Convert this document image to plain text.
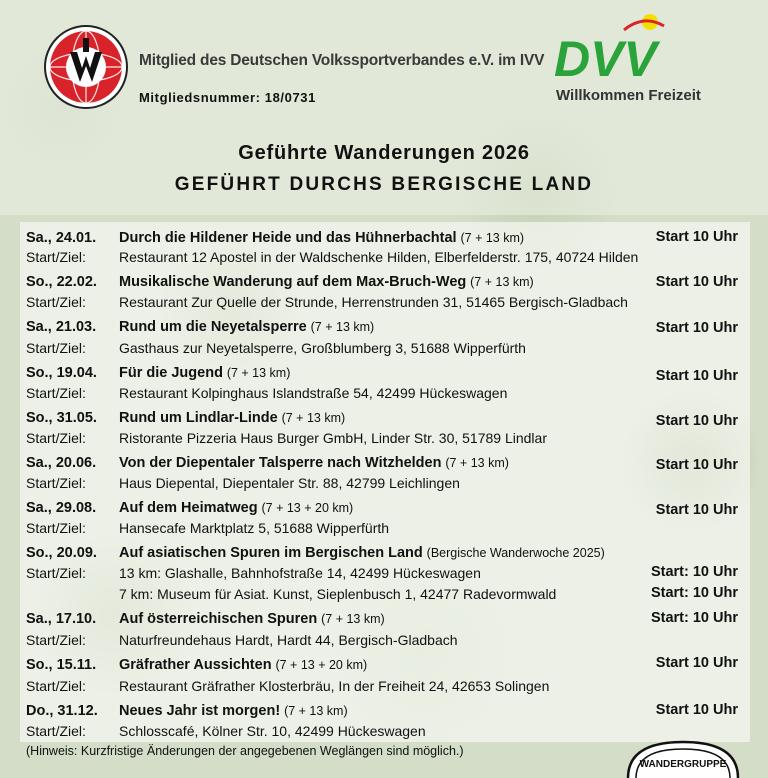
Mitglied des Deutschen Volkssportverbandes e.V. im IVV
Mitgliedsnummer: 18/0731
DVV
Willkommen Freizeit
Geführte Wanderungen 2026
GEFÜHRT DURCHS BERGISCHE LAND
Sa., 24.01. Durch die Hildener Heide und das Hühnerbachtal (7 + 13 km)	Start 10 Uhr
Start/Ziel: Restaurant 12 Apostel in der Waldschenke Hilden, Elberfelderstr. 175, 40724 Hilden
So., 22.02. Musikalische Wanderung auf dem Max-Bruch-Weg (7 + 13 km)	Start 10 Uhr
Start/Ziel: Restaurant Zur Quelle der Strunde, Herrenstrunden 31, 51465 Bergisch-Gladbach
Sa., 21.03. Rund um die Neyetalsperre (7 + 13 km)	Start 10 Uhr
Start/Ziel: Gasthaus zur Neyetalsperre, Großblumberg 3, 51688 Wipperfürth
So., 19.04. Für die Jugend (7 + 13 km)	Start 10 Uhr
Start/Ziel: Restaurant Kolpinghaus Islandstraße 54, 42499 Hückeswagen
So., 31.05. Rund um Lindlar-Linde (7 + 13 km)	Start 10 Uhr
Start/Ziel: Ristorante Pizzeria Haus Burger GmbH, Linder Str. 30, 51789 Lindlar
Sa., 20.06. Von der Diepentaler Talsperre nach Witzhelden (7 + 13 km)	Start 10 Uhr
Start/Ziel: Haus Diepental, Diepentaler Str. 88, 42799 Leichlingen
Sa., 29.08. Auf dem Heimatweg (7 + 13 + 20 km)	Start 10 Uhr
Start/Ziel: Hansecafe Marktplatz 5, 51688 Wipperfürth
So., 20.09. Auf asiatischen Spuren im Bergischen Land (Bergische Wanderwoche 2025)
Start/Ziel: 13 km: Glashalle, Bahnhofstraße 14, 42499 Hückeswagen	Start: 10 Uhr
7 km: Museum für Asiat. Kunst, Sieplenbusch 1, 42477 Radevormwald	Start: 10 Uhr
Sa., 17.10. Auf österreichischen Spuren (7 + 13 km)	Start: 10 Uhr
Start/Ziel: Naturfreundehaus Hardt, Hardt 44, Bergisch-Gladbach
So., 15.11. Gräfrather Aussichten (7 + 13 + 20 km)	Start 10 Uhr
Start/Ziel: Restaurant Gräfrather Klosterbräu, In der Freiheit 24, 42653 Solingen
Do., 31.12. Neues Jahr ist morgen! (7 + 13 km)	Start 10 Uhr
Start/Ziel: Schlosscafé, Kölner Str. 10, 42499 Hückeswagen
(Hinweis: Kurzfristige Änderungen der angegebenen Weglängen sind möglich.)
WANDERGRUPPE
